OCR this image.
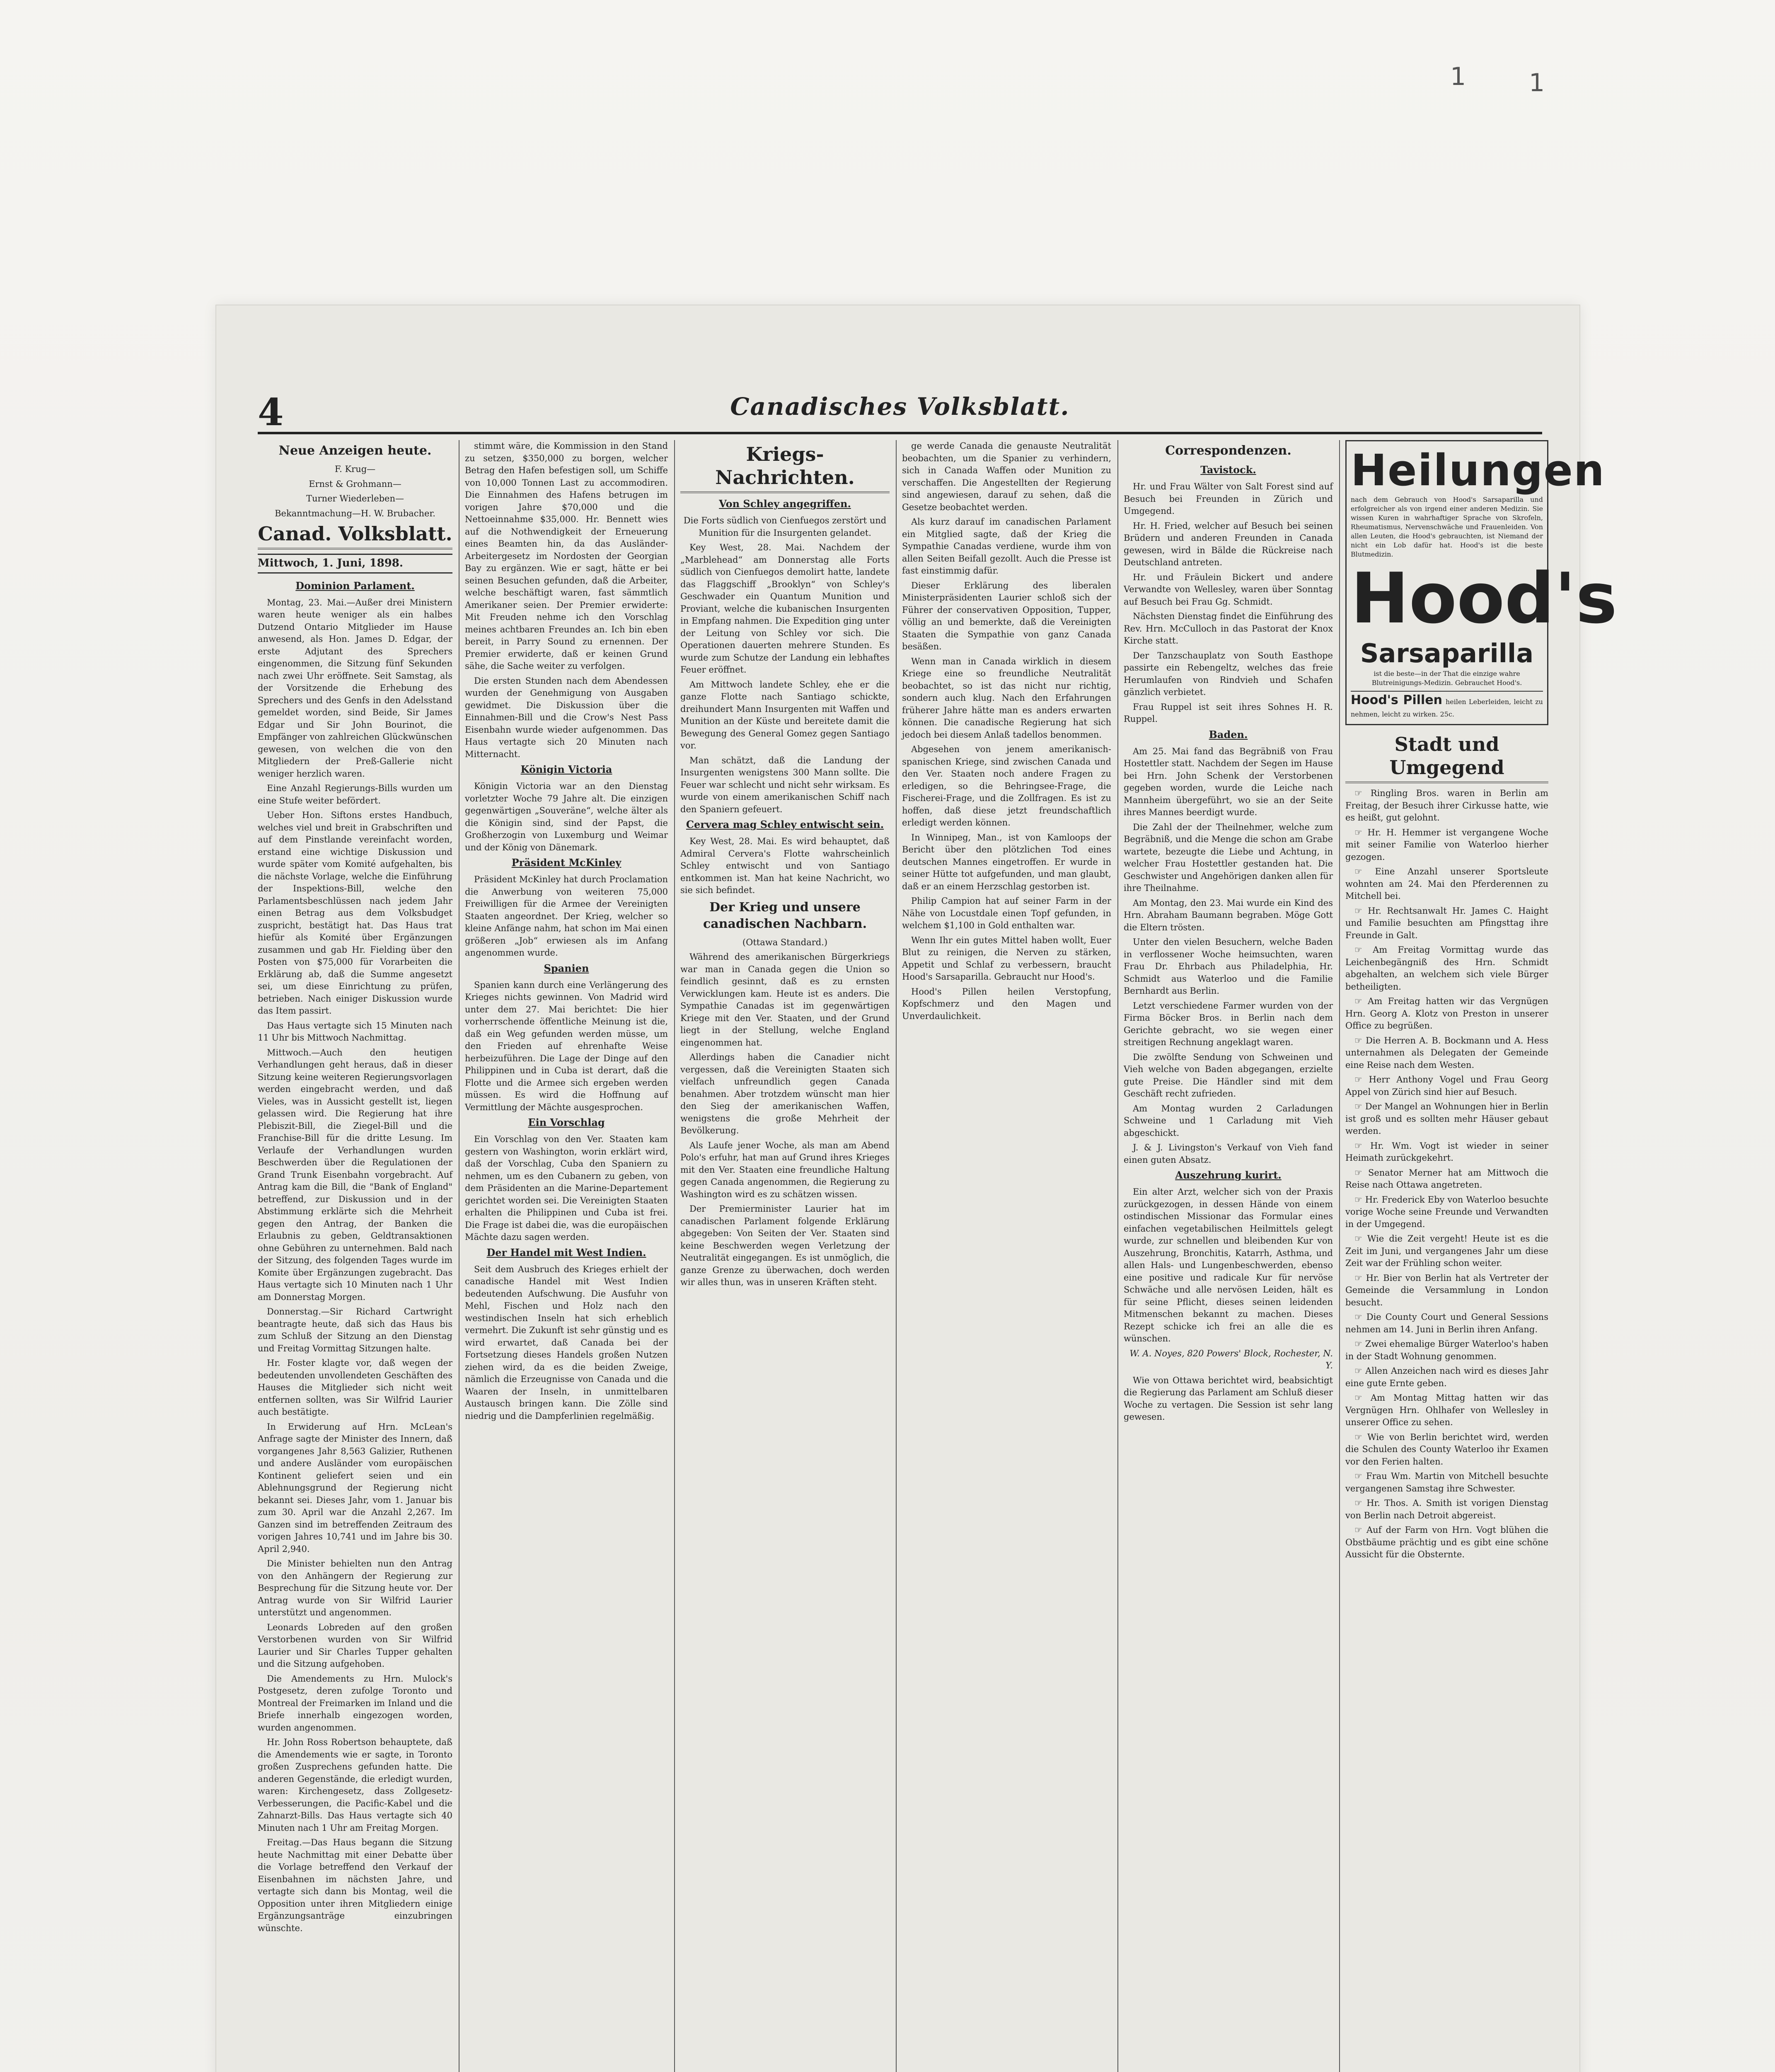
1	1
4	Canadisches Volksblatt.
Neue Anzeigen heute.

F. Krug—

Ernst & Grohmann—

Turner Wiederleben—

Bekanntmachung—H. W. Brubacher.

Canad. Volksblatt.
Mittwoch, 1. Juni, 1898.
Dominion Parlament.

Montag, 23. Mai.—Außer drei Ministern waren heute weniger als ein halbes Dutzend Ontario Mitglieder im Hause anwesend, als Hon. James D. Edgar, der erste Adjutant des Sprechers eingenommen, die Sitzung fünf Sekunden nach zwei Uhr eröffnete. Seit Samstag, als der Vorsitzende die Erhebung des Sprechers und des Genfs in den Adelsstand gemeldet worden, sind Beide, Sir James Edgar und Sir John Bourinot, die Empfänger von zahlreichen Glückwünschen gewesen, von welchen die von den Mitgliedern der Preß-Gallerie nicht weniger herzlich waren.

Eine Anzahl Regierungs-Bills wurden um eine Stufe weiter befördert.

Ueber Hon. Siftons erstes Handbuch, welches viel und breit in Grabschriften und auf dem Pinstlande vereinfacht worden, erstand eine wichtige Diskussion und wurde später vom Komité aufgehalten, bis die nächste Vorlage, welche die Einführung der Inspektions-Bill, welche den Parlamentsbeschlüssen nach jedem Jahr einen Betrag aus dem Volksbudget zuspricht, bestätigt hat. Das Haus trat hiefür als Komité über Ergänzungen zusammen und gab Hr. Fielding über den Posten von $75,000 für Vorarbeiten die Erklärung ab, daß die Summe angesetzt sei, um diese Einrichtung zu prüfen, betrieben. Nach einiger Diskussion wurde das Item passirt.

Das Haus vertagte sich 15 Minuten nach 11 Uhr bis Mittwoch Nachmittag.

Mittwoch.—Auch den heutigen Verhandlungen geht heraus, daß in dieser Sitzung keine weiteren Regierungsvorlagen werden eingebracht werden, und daß Vieles, was in Aussicht gestellt ist, liegen gelassen wird. Die Regierung hat ihre Plebiszit-Bill, die Ziegel-Bill und die Franchise-Bill für die dritte Lesung. Im Verlaufe der Verhandlungen wurden Beschwerden über die Regulationen der Grand Trunk Eisenbahn vorgebracht. Auf Antrag kam die Bill, die "Bank of England" betreffend, zur Diskussion und in der Abstimmung erklärte sich die Mehrheit gegen den Antrag, der Banken die Erlaubnis zu geben, Geldtransaktionen ohne Gebühren zu unternehmen. Bald nach der Sitzung, des folgenden Tages wurde im Komite über Ergänzungen zugebracht. Das Haus vertagte sich 10 Minuten nach 1 Uhr am Donnerstag Morgen.

Donnerstag.—Sir Richard Cartwright beantragte heute, daß sich das Haus bis zum Schluß der Sitzung an den Dienstag und Freitag Vormittag Sitzungen halte.

Hr. Foster klagte vor, daß wegen der bedeutenden unvollendeten Geschäften des Hauses die Mitglieder sich nicht weit entfernen sollten, was Sir Wilfrid Laurier auch bestätigte.

In Erwiderung auf Hrn. McLean's Anfrage sagte der Minister des Innern, daß vorgangenes Jahr 8,563 Galizier, Ruthenen und andere Ausländer vom europäischen Kontinent geliefert seien und ein Ablehnungsgrund der Regierung nicht bekannt sei. Dieses Jahr, vom 1. Januar bis zum 30. April war die Anzahl 2,267. Im Ganzen sind im betreffenden Zeitraum des vorigen Jahres 10,741 und im Jahre bis 30. April 2,940.

Die Minister behielten nun den Antrag von den Anhängern der Regierung zur Besprechung für die Sitzung heute vor. Der Antrag wurde von Sir Wilfrid Laurier unterstützt und angenommen.

Leonards Lobreden auf den großen Verstorbenen wurden von Sir Wilfrid Laurier und Sir Charles Tupper gehalten und die Sitzung aufgehoben.

Die Amendements zu Hrn. Mulock's Postgesetz, deren zufolge Toronto und Montreal der Freimarken im Inland und die Briefe innerhalb eingezogen worden, wurden angenommen.

Hr. John Ross Robertson behauptete, daß die Amendements wie er sagte, in Toronto großen Zusprechens gefunden hatte. Die anderen Gegenstände, die erledigt wurden, waren: Kirchengesetz, dass Zollgesetz-Verbesserungen, die Pacific-Kabel und die Zahnarzt-Bills. Das Haus vertagte sich 40 Minuten nach 1 Uhr am Freitag Morgen.

Freitag.—Das Haus begann die Sitzung heute Nachmittag mit einer Debatte über die Vorlage betreffend den Verkauf der Eisenbahnen im nächsten Jahre, und vertagte sich dann bis Montag, weil die Opposition unter ihren Mitgliedern einige Ergänzungsanträge einzubringen wünschte.

stimmt wäre, die Kommission in den Stand zu setzen, $350,000 zu borgen, welcher Betrag den Hafen befestigen soll, um Schiffe von 10,000 Tonnen Last zu accommodiren. Die Einnahmen des Hafens betrugen im vorigen Jahre $70,000 und die Nettoeinnahme $35,000. Hr. Bennett wies auf die Nothwendigkeit der Erneuerung eines Beamten hin, da das Ausländer-Arbeitergesetz im Nordosten der Georgian Bay zu ergänzen. Wie er sagt, hätte er bei seinen Besuchen gefunden, daß die Arbeiter, welche beschäftigt waren, fast sämmtlich Amerikaner seien. Der Premier erwiderte: Mit Freuden nehme ich den Vorschlag meines achtbaren Freundes an. Ich bin eben bereit, in Parry Sound zu ernennen. Der Premier erwiderte, daß er keinen Grund sähe, die Sache weiter zu verfolgen.

Die ersten Stunden nach dem Abendessen wurden der Genehmigung von Ausgaben gewidmet. Die Diskussion über die Einnahmen-Bill und die Crow's Nest Pass Eisenbahn wurde wieder aufgenommen. Das Haus vertagte sich 20 Minuten nach Mitternacht.

Königin Victoria

Königin Victoria war an den Dienstag vorletzter Woche 79 Jahre alt. Die einzigen gegenwärtigen „Souveräne“, welche älter als die Königin sind, sind der Papst, die Großherzogin von Luxemburg und Weimar und der König von Dänemark.

Präsident McKinley

Präsident McKinley hat durch Proclamation die Anwerbung von weiteren 75,000 Freiwilligen für die Armee der Vereinigten Staaten angeordnet. Der Krieg, welcher so kleine Anfänge nahm, hat schon im Mai einen größeren „Job“ erwiesen als im Anfang angenommen wurde.

Spanien

Spanien kann durch eine Verlängerung des Krieges nichts gewinnen. Von Madrid wird unter dem 27. Mai berichtet: Die hier vorherrschende öffentliche Meinung ist die, daß ein Weg gefunden werden müsse, um den Frieden auf ehrenhafte Weise herbeizuführen. Die Lage der Dinge auf den Philippinen und in Cuba ist derart, daß die Flotte und die Armee sich ergeben werden müssen. Es wird die Hoffnung auf Vermittlung der Mächte ausgesprochen.

Ein Vorschlag

Ein Vorschlag von den Ver. Staaten kam gestern von Washington, worin erklärt wird, daß der Vorschlag, Cuba den Spaniern zu nehmen, um es den Cubanern zu geben, von dem Präsidenten an die Marine-Departement gerichtet worden sei. Die Vereinigten Staaten erhalten die Philippinen und Cuba ist frei. Die Frage ist dabei die, was die europäischen Mächte dazu sagen werden.

Der Handel mit West Indien.

Seit dem Ausbruch des Krieges erhielt der canadische Handel mit West Indien bedeutenden Aufschwung. Die Ausfuhr von Mehl, Fischen und Holz nach den westindischen Inseln hat sich erheblich vermehrt. Die Zukunft ist sehr günstig und es wird erwartet, daß Canada bei der Fortsetzung dieses Handels großen Nutzen ziehen wird, da es die beiden Zweige, nämlich die Erzeugnisse von Canada und die Waaren der Inseln, in unmittelbaren Austausch bringen kann. Die Zölle sind niedrig und die Dampferlinien regelmäßig.

Kriegs-Nachrichten.
Von Schley angegriffen.

Die Forts südlich von Cienfuegos zerstört und Munition für die Insurgenten gelandet.

Key West, 28. Mai. Nachdem der „Marblehead“ am Donnerstag alle Forts südlich von Cienfuegos demolirt hatte, landete das Flaggschiff „Brooklyn“ von Schley's Geschwader ein Quantum Munition und Proviant, welche die kubanischen Insurgenten in Empfang nahmen. Die Expedition ging unter der Leitung von Schley vor sich. Die Operationen dauerten mehrere Stunden. Es wurde zum Schutze der Landung ein lebhaftes Feuer eröffnet.

Am Mittwoch landete Schley, ehe er die ganze Flotte nach Santiago schickte, dreihundert Mann Insurgenten mit Waffen und Munition an der Küste und bereitete damit die Bewegung des General Gomez gegen Santiago vor.

Man schätzt, daß die Landung der Insurgenten wenigstens 300 Mann sollte. Die Feuer war schlecht und nicht sehr wirksam. Es wurde von einem amerikanischen Schiff nach den Spaniern gefeuert.

Cervera mag Schley entwischt sein.

Key West, 28. Mai. Es wird behauptet, daß Admiral Cervera's Flotte wahrscheinlich Schley entwischt und von Santiago entkommen ist. Man hat keine Nachricht, wo sie sich befindet.

Der Krieg und unsere canadischen Nachbarn.

(Ottawa Standard.)

Während des amerikanischen Bürgerkriegs war man in Canada gegen die Union so feindlich gesinnt, daß es zu ernsten Verwicklungen kam. Heute ist es anders. Die Sympathie Canadas ist im gegenwärtigen Kriege mit den Ver. Staaten, und der Grund liegt in der Stellung, welche England eingenommen hat.

Allerdings haben die Canadier nicht vergessen, daß die Vereinigten Staaten sich vielfach unfreundlich gegen Canada benahmen. Aber trotzdem wünscht man hier den Sieg der amerikanischen Waffen, wenigstens die große Mehrheit der Bevölkerung.

Als Laufe jener Woche, als man am Abend Polo's erfuhr, hat man auf Grund ihres Krieges mit den Ver. Staaten eine freundliche Haltung gegen Canada angenommen, die Regierung zu Washington wird es zu schätzen wissen.

Der Premierminister Laurier hat im canadischen Parlament folgende Erklärung abgegeben: Von Seiten der Ver. Staaten sind keine Beschwerden wegen Verletzung der Neutralität eingegangen. Es ist unmöglich, die ganze Grenze zu überwachen, doch werden wir alles thun, was in unseren Kräften steht.

ge werde Canada die genauste Neutralität beobachten, um die Spanier zu verhindern, sich in Canada Waffen oder Munition zu verschaffen. Die Angestellten der Regierung sind angewiesen, darauf zu sehen, daß die Gesetze beobachtet werden.

Als kurz darauf im canadischen Parlament ein Mitglied sagte, daß der Krieg die Sympathie Canadas verdiene, wurde ihm von allen Seiten Beifall gezollt. Auch die Presse ist fast einstimmig dafür.

Dieser Erklärung des liberalen Ministerpräsidenten Laurier schloß sich der Führer der conservativen Opposition, Tupper, völlig an und bemerkte, daß die Vereinigten Staaten die Sympathie von ganz Canada besäßen.

Wenn man in Canada wirklich in diesem Kriege eine so freundliche Neutralität beobachtet, so ist das nicht nur richtig, sondern auch klug. Nach den Erfahrungen früherer Jahre hätte man es anders erwarten können. Die canadische Regierung hat sich jedoch bei diesem Anlaß tadellos benommen.

Abgesehen von jenem amerikanisch-spanischen Kriege, sind zwischen Canada und den Ver. Staaten noch andere Fragen zu erledigen, so die Behringsee-Frage, die Fischerei-Frage, und die Zollfragen. Es ist zu hoffen, daß diese jetzt freundschaftlich erledigt werden können.

In Winnipeg, Man., ist von Kamloops der Bericht über den plötzlichen Tod eines deutschen Mannes eingetroffen. Er wurde in seiner Hütte tot aufgefunden, und man glaubt, daß er an einem Herzschlag gestorben ist.

Philip Campion hat auf seiner Farm in der Nähe von Locustdale einen Topf gefunden, in welchem $1,100 in Gold enthalten war.

Wenn Ihr ein gutes Mittel haben wollt, Euer Blut zu reinigen, die Nerven zu stärken, Appetit und Schlaf zu verbessern, braucht Hood's Sarsaparilla. Gebraucht nur Hood's.

Hood's Pillen heilen Verstopfung, Kopfschmerz und den Magen und Unverdaulichkeit.

Correspondenzen.
Tavistock.

Hr. und Frau Wälter von Salt Forest sind auf Besuch bei Freunden in Zürich und Umgegend.

Hr. H. Fried, welcher auf Besuch bei seinen Brüdern und anderen Freunden in Canada gewesen, wird in Bälde die Rückreise nach Deutschland antreten.

Hr. und Fräulein Bickert und andere Verwandte von Wellesley, waren über Sonntag auf Besuch bei Frau Gg. Schmidt.

Nächsten Dienstag findet die Einführung des Rev. Hrn. McCulloch in das Pastorat der Knox Kirche statt.

Der Tanzschauplatz von South Easthope passirte ein Rebengeltz, welches das freie Herumlaufen von Rindvieh und Schafen gänzlich verbietet.

Frau Ruppel ist seit ihres Sohnes H. R. Ruppel.

Baden.

Am 25. Mai fand das Begräbniß von Frau Hostettler statt. Nachdem der Segen im Hause bei Hrn. John Schenk der Verstorbenen gegeben worden, wurde die Leiche nach Mannheim übergeführt, wo sie an der Seite ihres Mannes beerdigt wurde.

Die Zahl der der Theilnehmer, welche zum Begräbniß, und die Menge die schon am Grabe wartete, bezeugte die Liebe und Achtung, in welcher Frau Hostettler gestanden hat. Die Geschwister und Angehörigen danken allen für ihre Theilnahme.

Am Montag, den 23. Mai wurde ein Kind des Hrn. Abraham Baumann begraben. Möge Gott die Eltern trösten.

Unter den vielen Besuchern, welche Baden in verflossener Woche heimsuchten, waren Frau Dr. Ehrbach aus Philadelphia, Hr. Schmidt aus Waterloo und die Familie Bernhardt aus Berlin.

Letzt verschiedene Farmer wurden von der Firma Böcker Bros. in Berlin nach dem Gerichte gebracht, wo sie wegen einer streitigen Rechnung angeklagt waren.

Die zwölfte Sendung von Schweinen und Vieh welche von Baden abgegangen, erzielte gute Preise. Die Händler sind mit dem Geschäft recht zufrieden.

Am Montag wurden 2 Carladungen Schweine und 1 Carladung mit Vieh abgeschickt.

J. & J. Livingston's Verkauf von Vieh fand einen guten Absatz.

Auszehrung kurirt.

Ein alter Arzt, welcher sich von der Praxis zurückgezogen, in dessen Hände von einem ostindischen Missionar das Formular eines einfachen vegetabilischen Heilmittels gelegt wurde, zur schnellen und bleibenden Kur von Auszehrung, Bronchitis, Katarrh, Asthma, und allen Hals- und Lungenbeschwerden, ebenso eine positive und radicale Kur für nervöse Schwäche und alle nervösen Leiden, hält es für seine Pflicht, dieses seinen leidenden Mitmenschen bekannt zu machen. Dieses Rezept schicke ich frei an alle die es wünschen.

W. A. Noyes, 820 Powers' Block, Rochester, N. Y.

Wie von Ottawa berichtet wird, beabsichtigt die Regierung das Parlament am Schluß dieser Woche zu vertagen. Die Session ist sehr lang gewesen.

Heilungen
nach dem Gebrauch von Hood's Sarsaparilla und erfolgreicher als von irgend einer anderen Medizin. Sie wissen Kuren in wahrhaftiger Sprache von Skrofeln, Rheumatismus, Nervenschwäche und Frauenleiden. Von allen Leuten, die Hood's gebrauchten, ist Niemand der nicht ein Lob dafür hat. Hood's ist die beste Blutmedizin.
Hood's
Sarsaparilla
ist die beste—in der That die einzige wahre Blutreinigungs-Medizin. Gebrauchet Hood's.
Hood's Pillen heilen Leberleiden, leicht zu nehmen, leicht zu wirken. 25c.
Stadt und Umgegend

☞ Ringling Bros. waren in Berlin am Freitag, der Besuch ihrer Cirkusse hatte, wie es heißt, gut gelohnt.

☞ Hr. H. Hemmer ist vergangene Woche mit seiner Familie von Waterloo hierher gezogen.

☞ Eine Anzahl unserer Sportsleute wohnten am 24. Mai den Pferderennen zu Mitchell bei.

☞ Hr. Rechtsanwalt Hr. James C. Haight und Familie besuchten am Pfingsttag ihre Freunde in Galt.

☞ Am Freitag Vormittag wurde das Leichenbegängniß des Hrn. Schmidt abgehalten, an welchem sich viele Bürger betheiligten.

☞ Am Freitag hatten wir das Vergnügen Hrn. Georg A. Klotz von Preston in unserer Office zu begrüßen.

☞ Die Herren A. B. Bockmann und A. Hess unternahmen als Delegaten der Gemeinde eine Reise nach dem Westen.

☞ Herr Anthony Vogel und Frau Georg Appel von Zürich sind hier auf Besuch.

☞ Der Mangel an Wohnungen hier in Berlin ist groß und es sollten mehr Häuser gebaut werden.

☞ Hr. Wm. Vogt ist wieder in seiner Heimath zurückgekehrt.

☞ Senator Merner hat am Mittwoch die Reise nach Ottawa angetreten.

☞ Hr. Frederick Eby von Waterloo besuchte vorige Woche seine Freunde und Verwandten in der Umgegend.

☞ Wie die Zeit vergeht! Heute ist es die Zeit im Juni, und vergangenes Jahr um diese Zeit war der Frühling schon weiter.

☞ Hr. Bier von Berlin hat als Vertreter der Gemeinde die Versammlung in London besucht.

☞ Die County Court und General Sessions nehmen am 14. Juni in Berlin ihren Anfang.

☞ Zwei ehemalige Bürger Waterloo's haben in der Stadt Wohnung genommen.

☞ Allen Anzeichen nach wird es dieses Jahr eine gute Ernte geben.

☞ Am Montag Mittag hatten wir das Vergnügen Hrn. Ohlhafer von Wellesley in unserer Office zu sehen.

☞ Wie von Berlin berichtet wird, werden die Schulen des County Waterloo ihr Examen vor den Ferien halten.

☞ Frau Wm. Martin von Mitchell besuchte vergangenen Samstag ihre Schwester.

☞ Hr. Thos. A. Smith ist vorigen Dienstag von Berlin nach Detroit abgereist.

☞ Auf der Farm von Hrn. Vogt blühen die Obstbäume prächtig und es gibt eine schöne Aussicht für die Obsternte.
